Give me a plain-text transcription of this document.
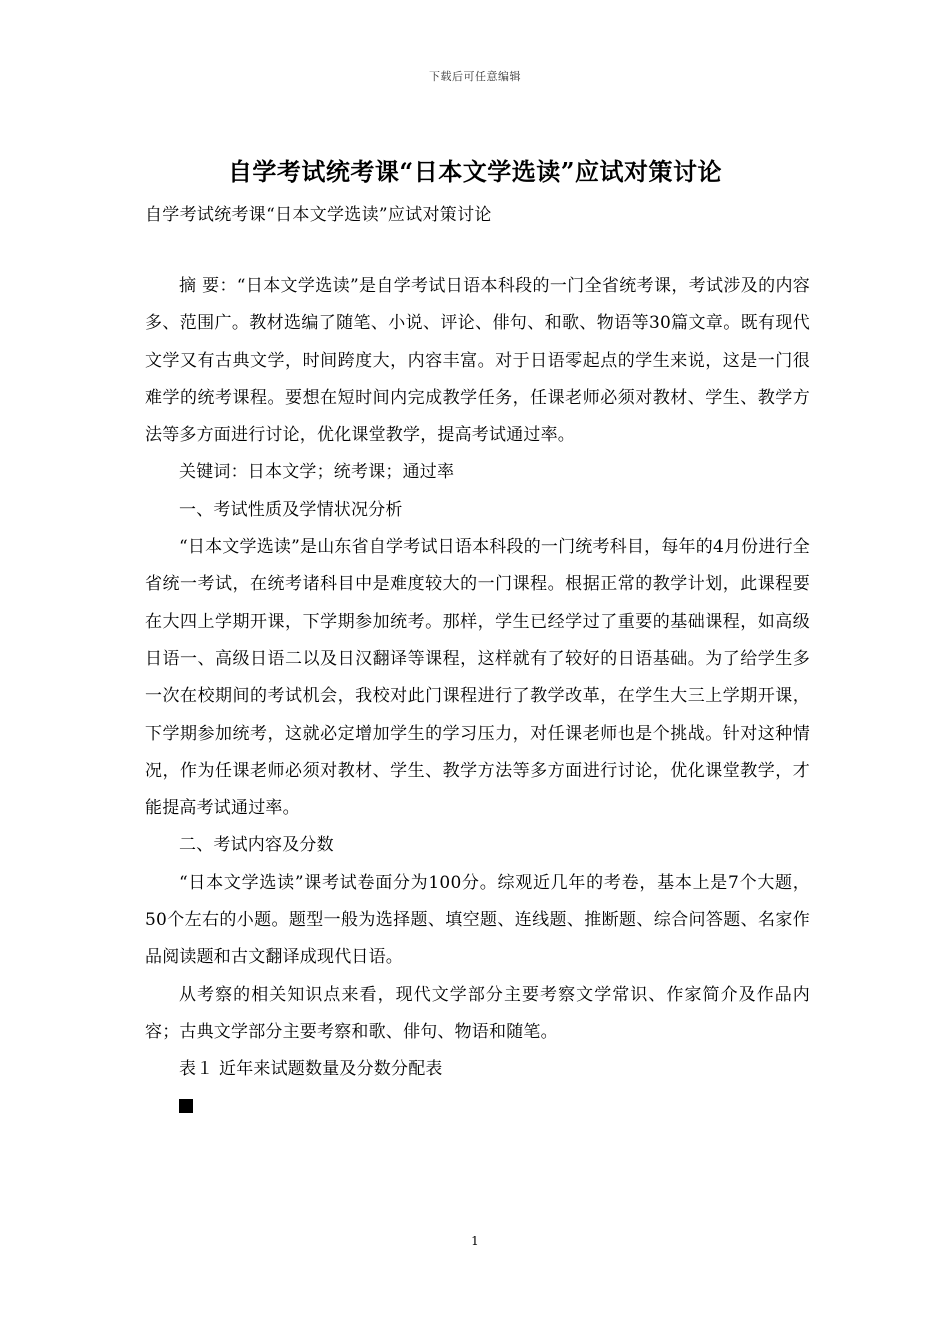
下载后可任意编辑
自学考试统考课“日本文学选读”应试对策讨论
自学考试统考课“日本文学选读”应试对策讨论

摘 要：“日本文学选读”是自学考试日语本科段的一门全省统考课，考试涉及的内容多、范围广。教材选编了随笔、小说、评论、俳句、和歌、物语等30篇文章。既有现代文学又有古典文学，时间跨度大，内容丰富。对于日语零起点的学生来说，这是一门很难学的统考课程。要想在短时间内完成教学任务，任课老师必须对教材、学生、教学方法等多方面进行讨论，优化课堂教学，提高考试通过率。

关键词：日本文学；统考课；通过率

一、考试性质及学情状况分析

“日本文学选读”是山东省自学考试日语本科段的一门统考科目，每年的4月份进行全省统一考试，在统考诸科目中是难度较大的一门课程。根据正常的教学计划，此课程要在大四上学期开课，下学期参加统考。那样，学生已经学过了重要的基础课程，如高级日语一、高级日语二以及日汉翻译等课程，这样就有了较好的日语基础。为了给学生多一次在校期间的考试机会，我校对此门课程进行了教学改革，在学生大三上学期开课，下学期参加统考，这就必定增加学生的学习压力，对任课老师也是个挑战。针对这种情况，作为任课老师必须对教材、学生、教学方法等多方面进行讨论，优化课堂教学，才能提高考试通过率。

二、考试内容及分数

“日本文学选读”课考试卷面分为100分。综观近几年的考卷，基本上是7个大题，50个左右的小题。题型一般为选择题、填空题、连线题、推断题、综合问答题、名家作品阅读题和古文翻译成现代日语。

从考察的相关知识点来看，现代文学部分主要考察文学常识、作家简介及作品内容；古典文学部分主要考察和歌、俳句、物语和随笔。

表１ 近年来试题数量及分数分配表

1
